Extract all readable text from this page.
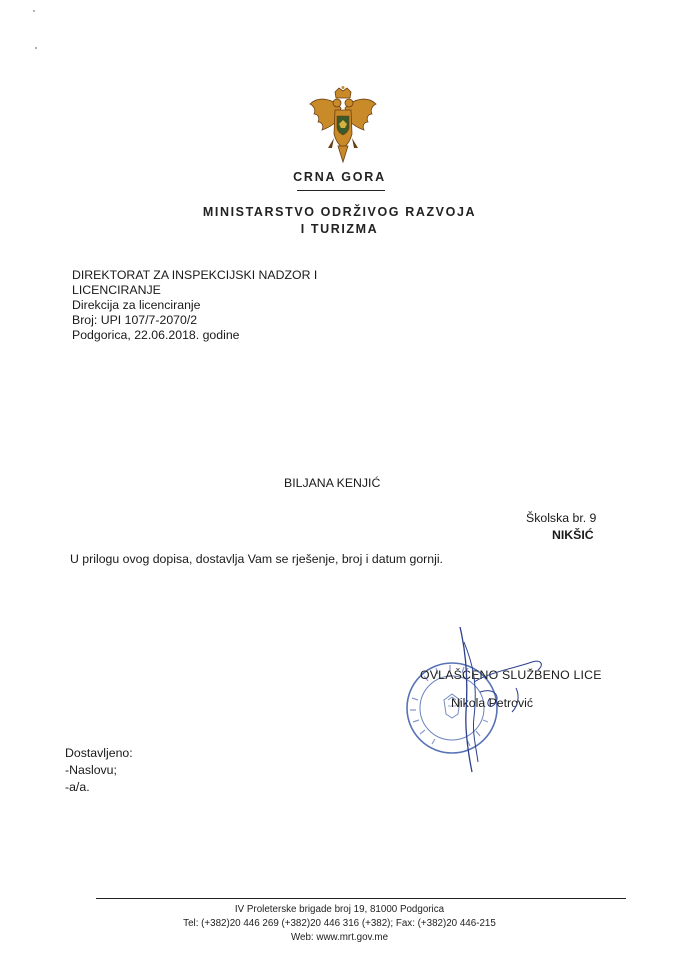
CRNA GORA
MINISTARSTVO ODRŽIVOG RAZVOJA
I TURIZMA
DIREKTORAT ZA INSPEKCIJSKI NADZOR I
LICENCIRANJE
Direkcija za licenciranje
Broj: UPI 107/7-2070/2
Podgorica, 22.06.2018. godine
BILJANA KENJIĆ
Školska br. 9
NIKŠIĆ
U prilogu ovog dopisa, dostavlja Vam se rješenje, broj i datum gornji.
OVLAŠĆENO SLUŽBENO LICE
Nikola Petrović
Dostavljeno:
-Naslovu;
-a/a.
IV Proleterske brigade broj 19, 81000 Podgorica
Tel: (+382)20 446 269 (+382)20 446 316 (+382); Fax: (+382)20 446-215
Web: www.mrt.gov.me
